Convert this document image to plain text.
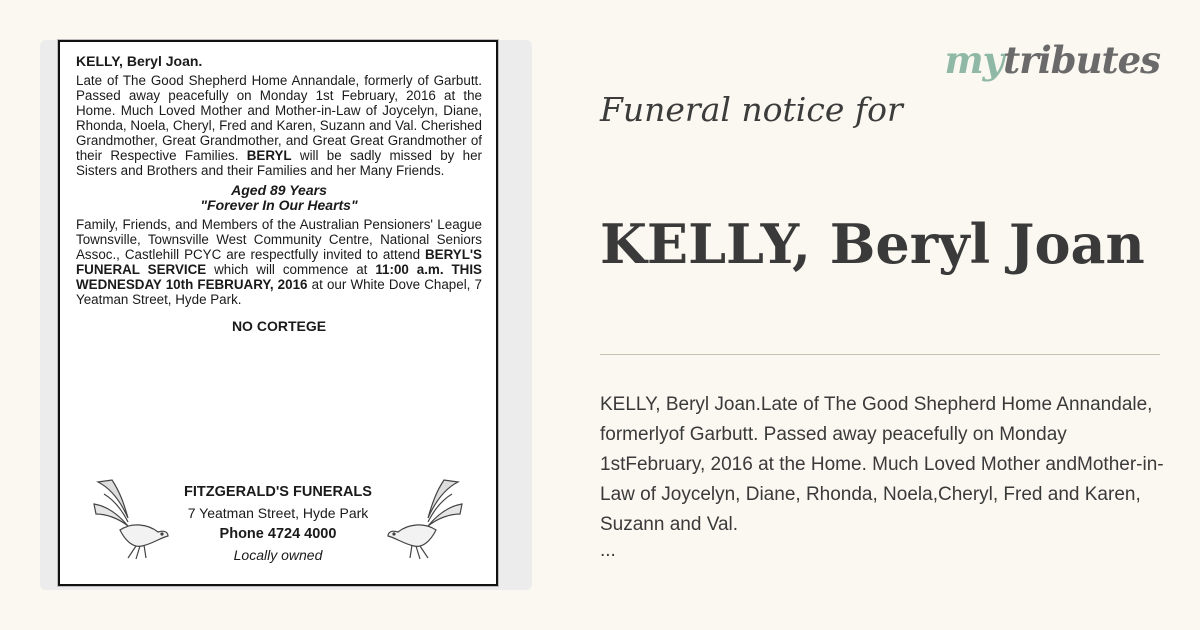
KELLY, Beryl Joan.

Late of The Good Shepherd Home Annandale, formerly of Garbutt. Passed away peacefully on Monday 1st February, 2016 at the Home. Much Loved Mother and Mother-in-Law of Joycelyn, Diane, Rhonda, Noela, Cheryl, Fred and Karen, Suzann and Val. Cherished Grandmother, Great Grandmother, and Great Great Grandmother of their Respective Families. BERYL will be sadly missed by her Sisters and Brothers and their Families and her Many Friends.

Aged 89 Years

"Forever In Our Hearts"

Family, Friends, and Members of the Australian Pensioners' League Townsville, Townsville West Community Centre, National Seniors Assoc., Castlehill PCYC are respectfully invited to attend BERYL'S FUNERAL SERVICE which will commence at 11:00 a.m. THIS WEDNESDAY 10th FEBRUARY, 2016 at our White Dove Chapel, 7 Yeatman Street, Hyde Park.

NO CORTEGE

FITZGERALD'S FUNERALS
7 Yeatman Street, Hyde Park
Phone 4724 4000
Locally owned
mytributes
Funeral notice for
KELLY, Beryl Joan
KELLY, Beryl Joan.Late of The Good Shepherd Home Annandale, formerlyof Garbutt. Passed away peacefully on Monday 1stFebruary, 2016 at the Home. Much Loved Mother andMother-in-Law of Joycelyn, Diane, Rhonda, Noela,Cheryl, Fred and Karen, Suzann and Val.
...
